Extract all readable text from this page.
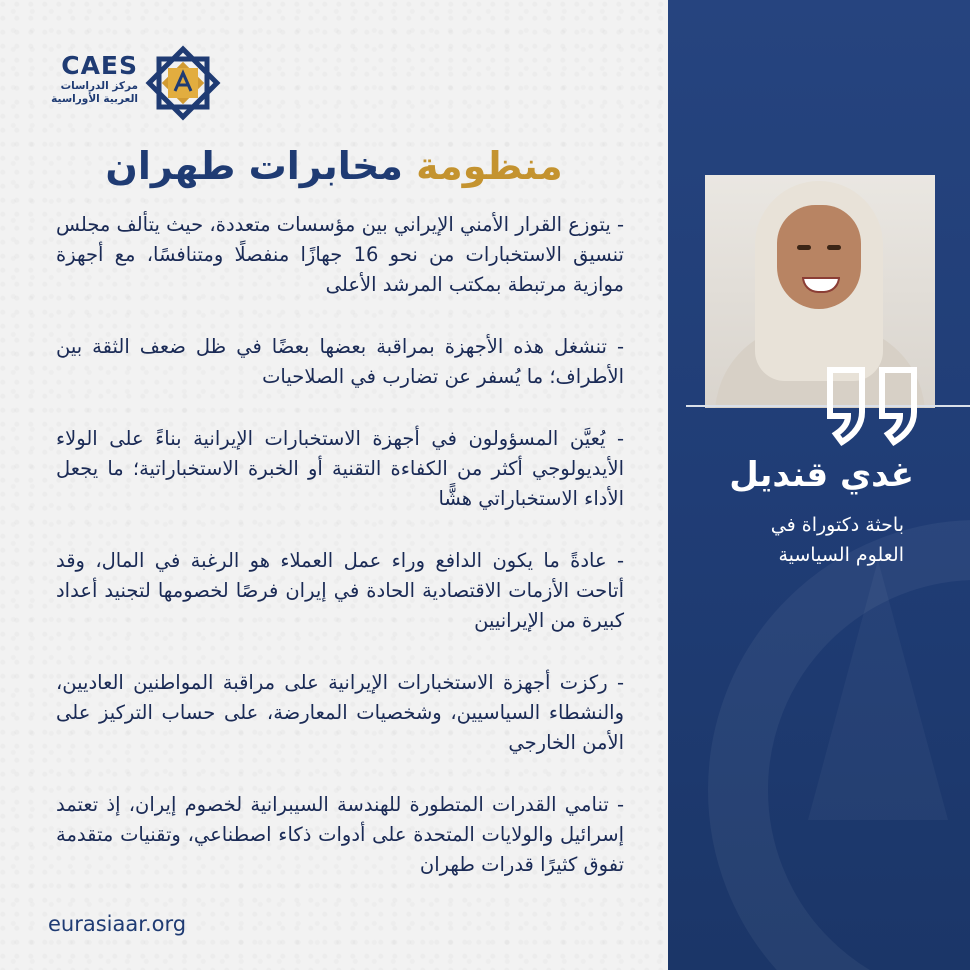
CAES
مركز الدراسات
العربية الأوراسية
منظومة مخابرات طهران

- يتوزع القرار الأمني الإيراني بين مؤسسات متعددة، حيث يتألف مجلس تنسيق الاستخبارات من نحو 16 جهازًا منفصلًا ومتنافسًا، مع أجهزة موازية مرتبطة بمكتب المرشد الأعلى

- تنشغل هذه الأجهزة بمراقبة بعضها بعضًا في ظل ضعف الثقة بين الأطراف؛ ما يُسفر عن تضارب في الصلاحيات

- يُعيَّن المسؤولون في أجهزة الاستخبارات الإيرانية بناءً على الولاء الأيديولوجي أكثر من الكفاءة التقنية أو الخبرة الاستخباراتية؛ ما يجعل الأداء الاستخباراتي هشًّا

- عادةً ما يكون الدافع وراء عمل العملاء هو الرغبة في المال، وقد أتاحت الأزمات الاقتصادية الحادة في إيران فرصًا لخصومها لتجنيد أعداد كبيرة من الإيرانيين

- ركزت أجهزة الاستخبارات الإيرانية على مراقبة المواطنين العاديين، والنشطاء السياسيين، وشخصيات المعارضة، على حساب التركيز على الأمن الخارجي

- تنامي القدرات المتطورة للهندسة السيبرانية لخصوم إيران، إذ تعتمد إسرائيل والولايات المتحدة على أدوات ذكاء اصطناعي، وتقنيات متقدمة تفوق كثيرًا قدرات طهران

eurasiaar.org
غدي قنديل
باحثة دكتوراة في
العلوم السياسية
